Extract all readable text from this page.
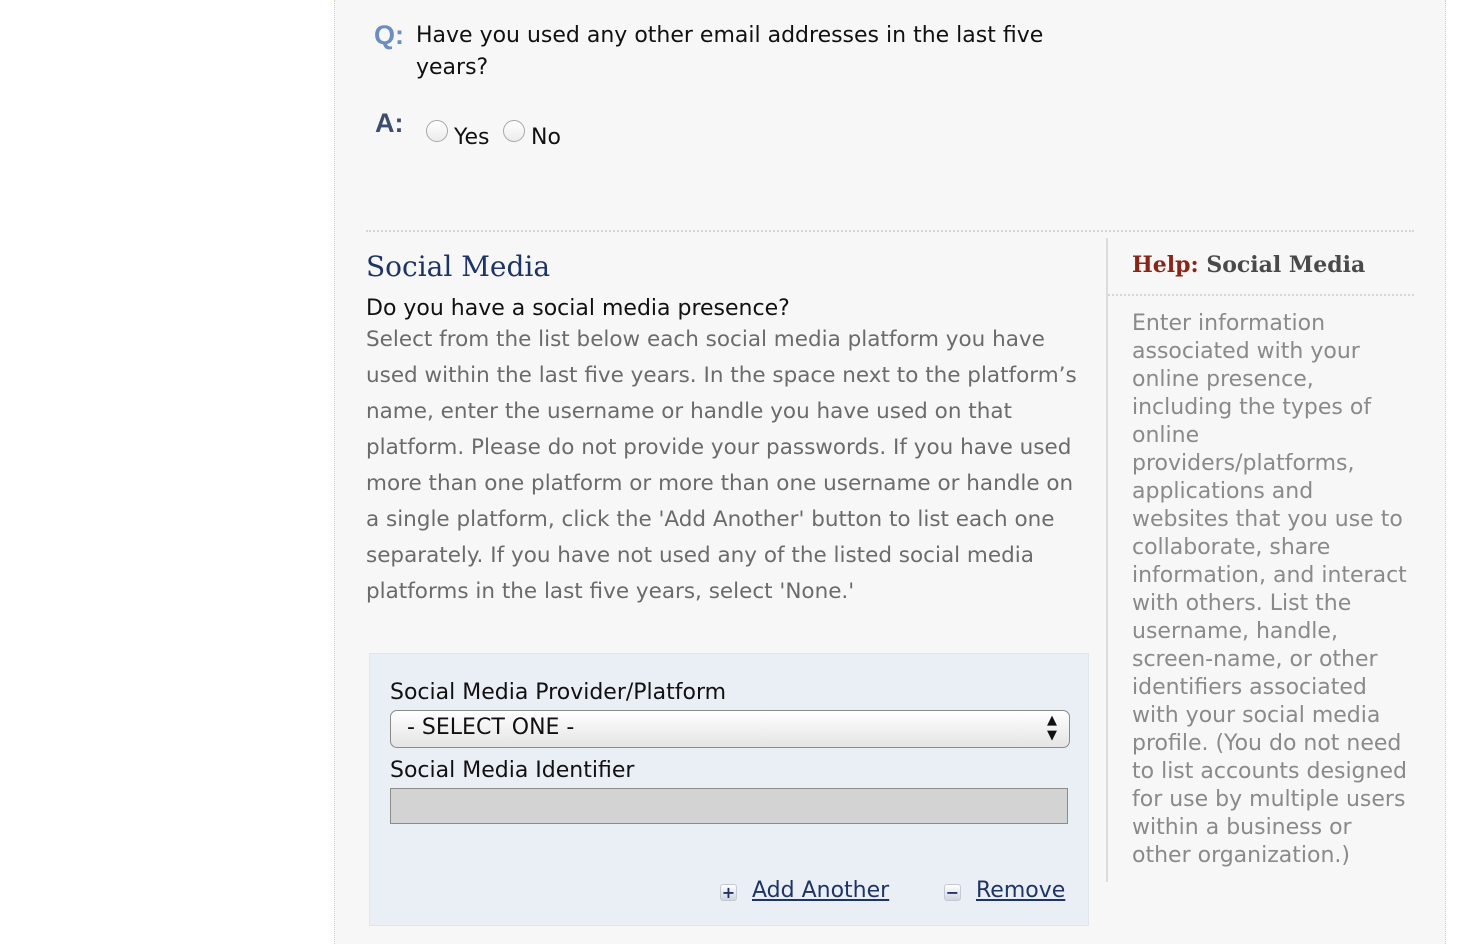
Q: Have you used any other email addresses in the last five years?
A: Yes No
Social Media
Do you have a social media presence?

Select from the list below each social media platform you have used within the last five years. In the space next to the platform’s name, enter the username or handle you have used on that platform. Please do not provide your passwords. If you have used more than one platform or more than one username or handle on a single platform, click the 'Add Another' button to list each one separately. If you have not used any of the listed social media platforms in the last five years, select 'None.'

Social Media Provider/Platform
- SELECT ONE -	▲
▼
Social Media Identifier
+ Add Another	− Remove
Help: Social Media

Enter information associated with your online presence, including the types of online providers/platforms, applications and websites that you use to collaborate, share information, and interact with others. List the username, handle, screen-name, or other identifiers associated with your social media profile. (You do not need to list accounts designed for use by multiple users within a business or other organization.)
